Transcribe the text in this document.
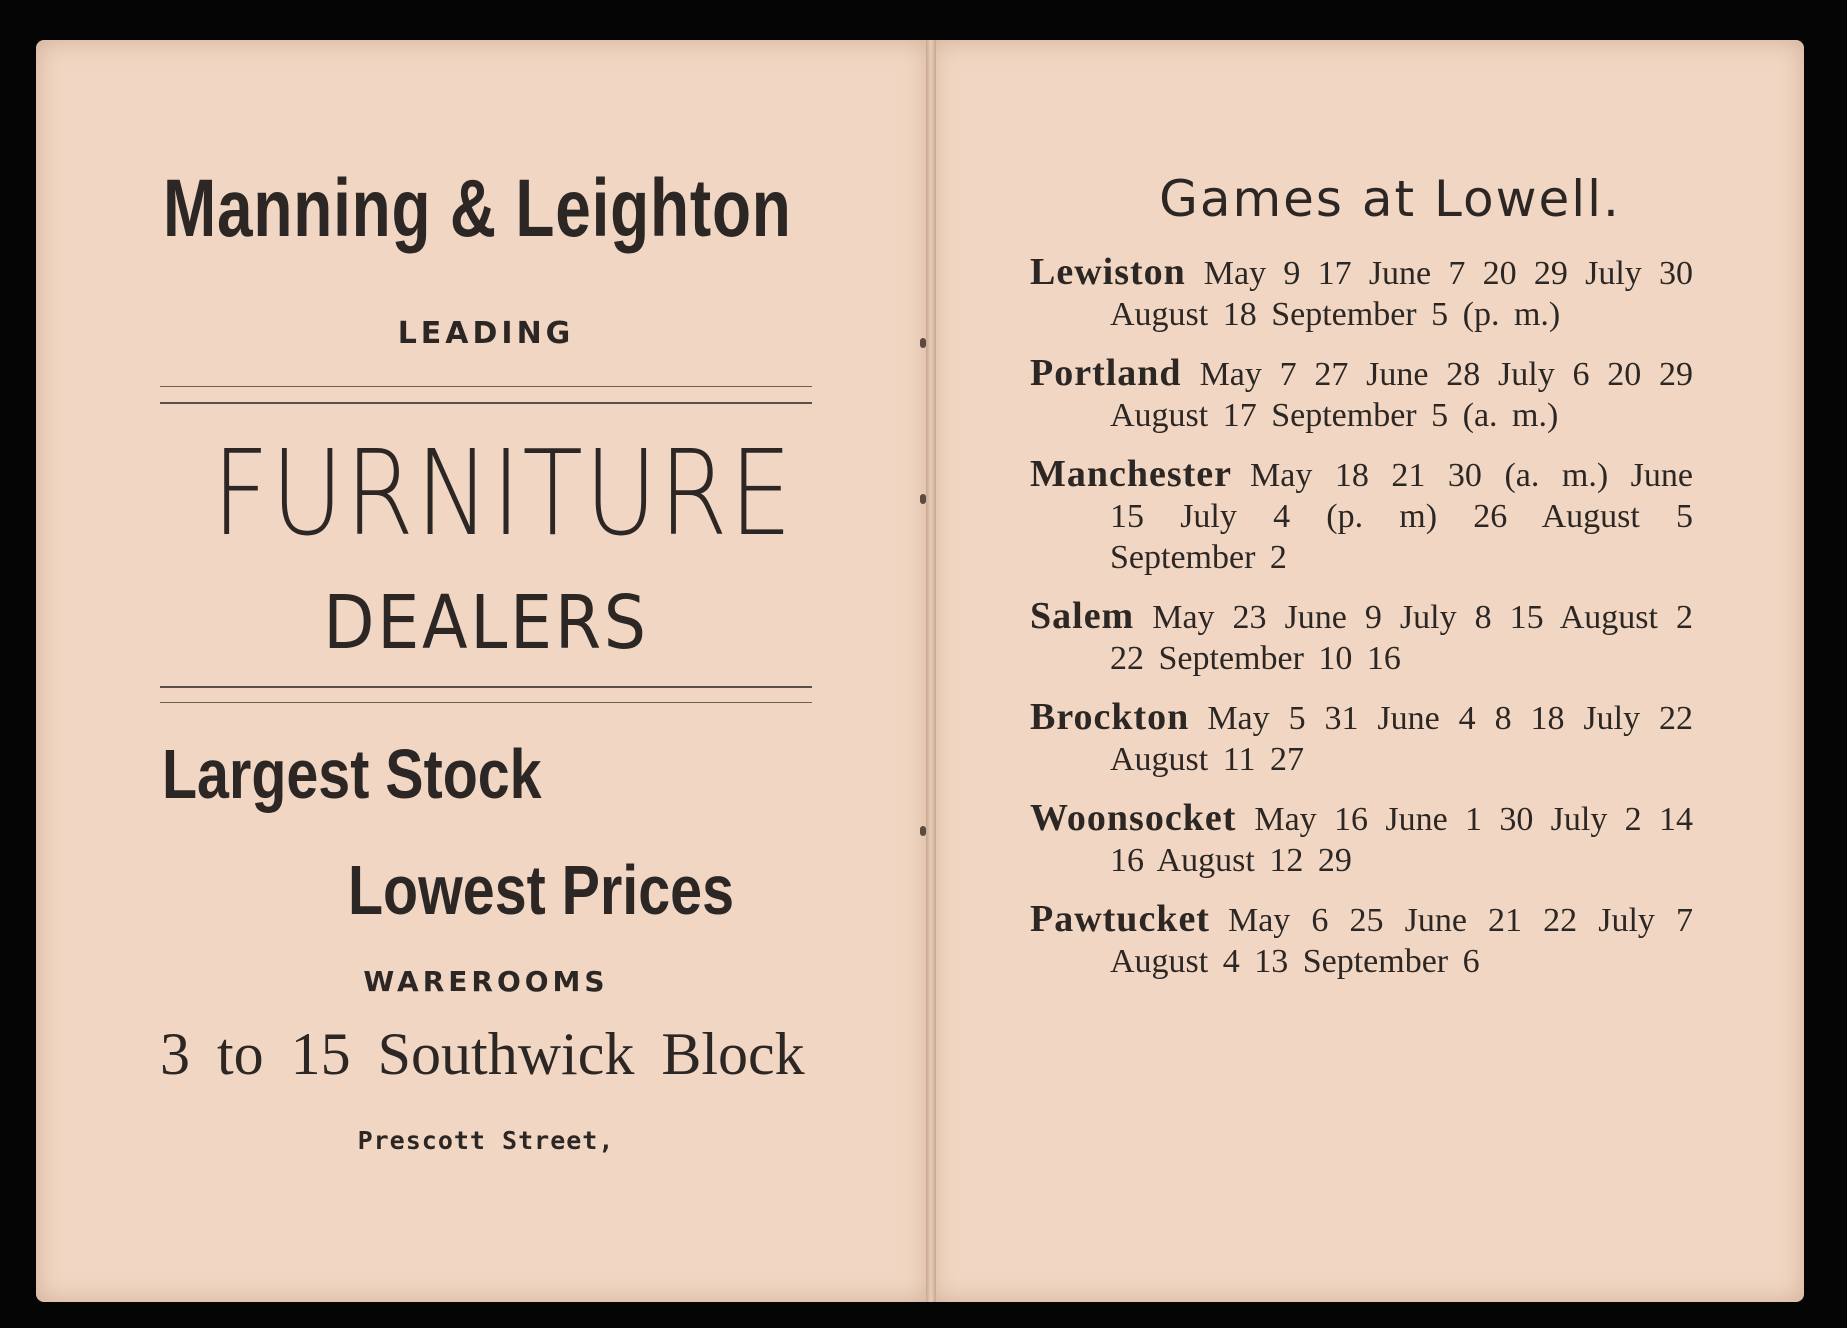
Manning & Leighton
LEADING
FURNITURE
DEALERS
Largest Stock
Lowest Prices
WAREROOMS
3 to 15 Southwick Block
Prescott Street,
Games at Lowell.
Lewiston May 9 17 June 7 20 29 July 30 August 18 September 5 (p. m.)
Portland May 7 27 June 28 July 6 20 29 August 17 September 5 (a. m.)
Manchester May 18 21 30 (a. m.) June 15 July 4 (p. m) 26 August 5 September 2
Salem May 23 June 9 July 8 15 August 2 22 September 10 16
Brockton May 5 31 June 4 8 18 July 22 August 11 27
Woonsocket May 16 June 1 30 July 2 14 16 August 12 29
Pawtucket May 6 25 June 21 22 July 7 August 4 13 September 6
